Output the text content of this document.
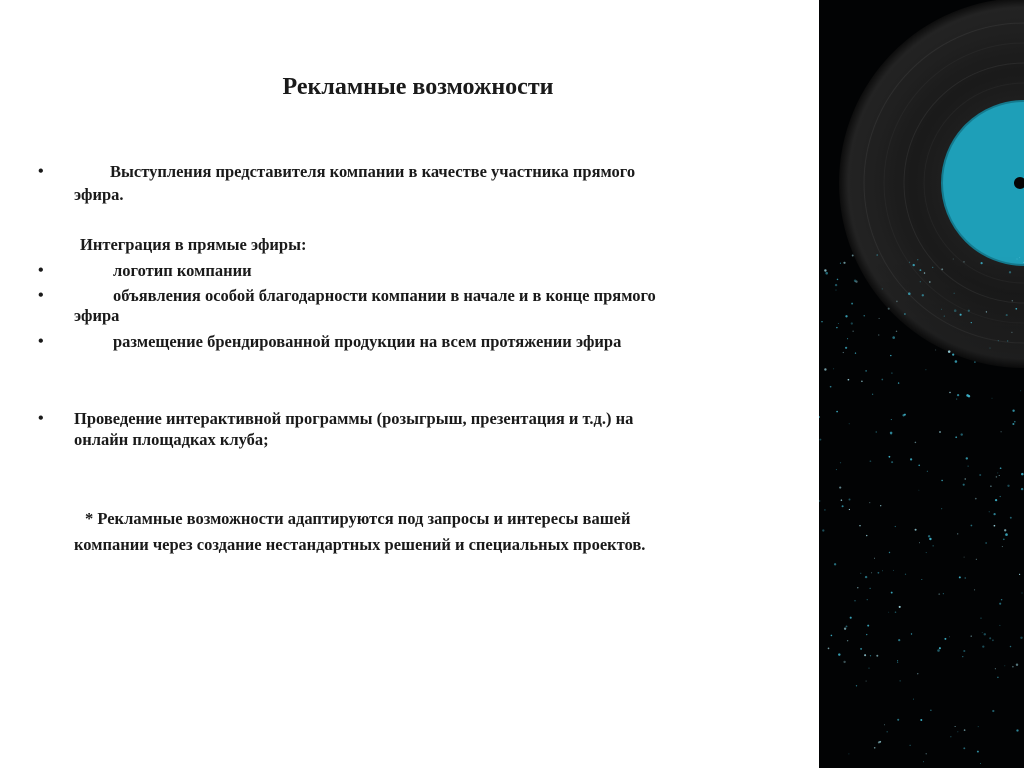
Рекламные возможности
•	Выступления представителя компании в качестве участника прямого
эфира.
Интеграция в прямые эфиры:
•	логотип компании
•	объявления особой благодарности компании в начале и в конце прямого
эфира
•	размещение брендированной продукции на всем протяжении эфира
• Проведение интерактивной программы (розыгрыш, презентация и т.д.) на
онлайн площадках клуба;
* Рекламные возможности адаптируются под запросы и интересы вашей
компании через создание нестандартных решений и специальных проектов.
